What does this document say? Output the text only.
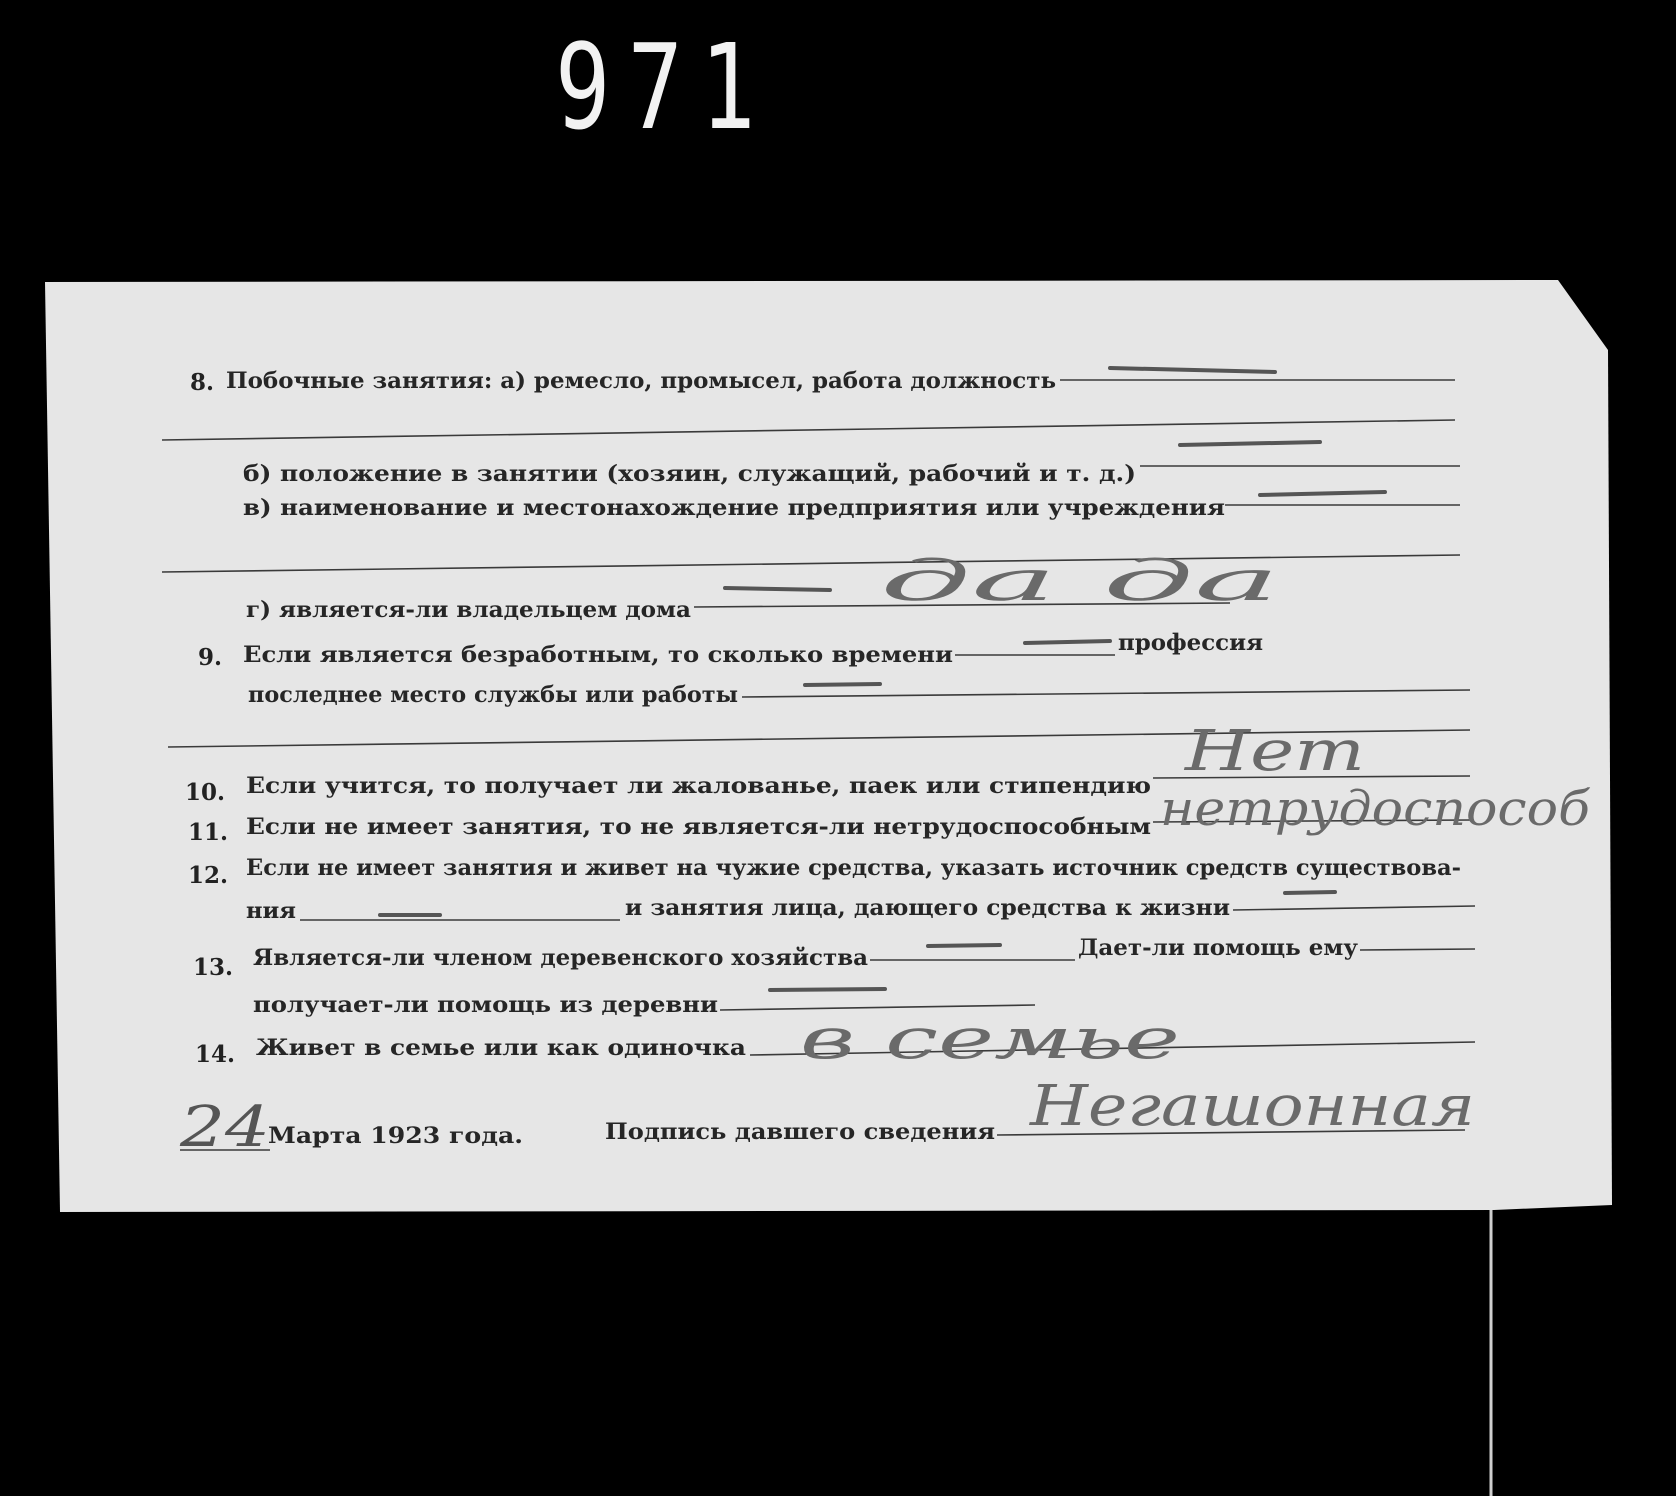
971
8. Побочные занятия: а) ремесло, промысел, работа должность
б) положение в занятии (хозяин, служащий, рабочий и т. д.)
в) наименование и местонахождение предприятия или учреждения
г) является-ли владельцем дома	да да
9. Если является безработным, то сколько времени	профессия
последнее место службы или работы
10. Если учится, то получает ли жалованье, паек или стипендию
Нет
11. Если не имеет занятия, то не является-ли нетрудоспособным нетрудоспособ
12. Если не имеет занятия и живет на чужие средства, указать источник средств существова-
ния	и занятия лица, дающего средства к жизни
13. Является-ли членом деревенского хозяйства	Дает-ли помощь ему
получает-ли помощь из деревни
14. Живет в семье или как одиночка в семье
24
Марта 1923 года.	Подпись давшего сведения Негашонная
